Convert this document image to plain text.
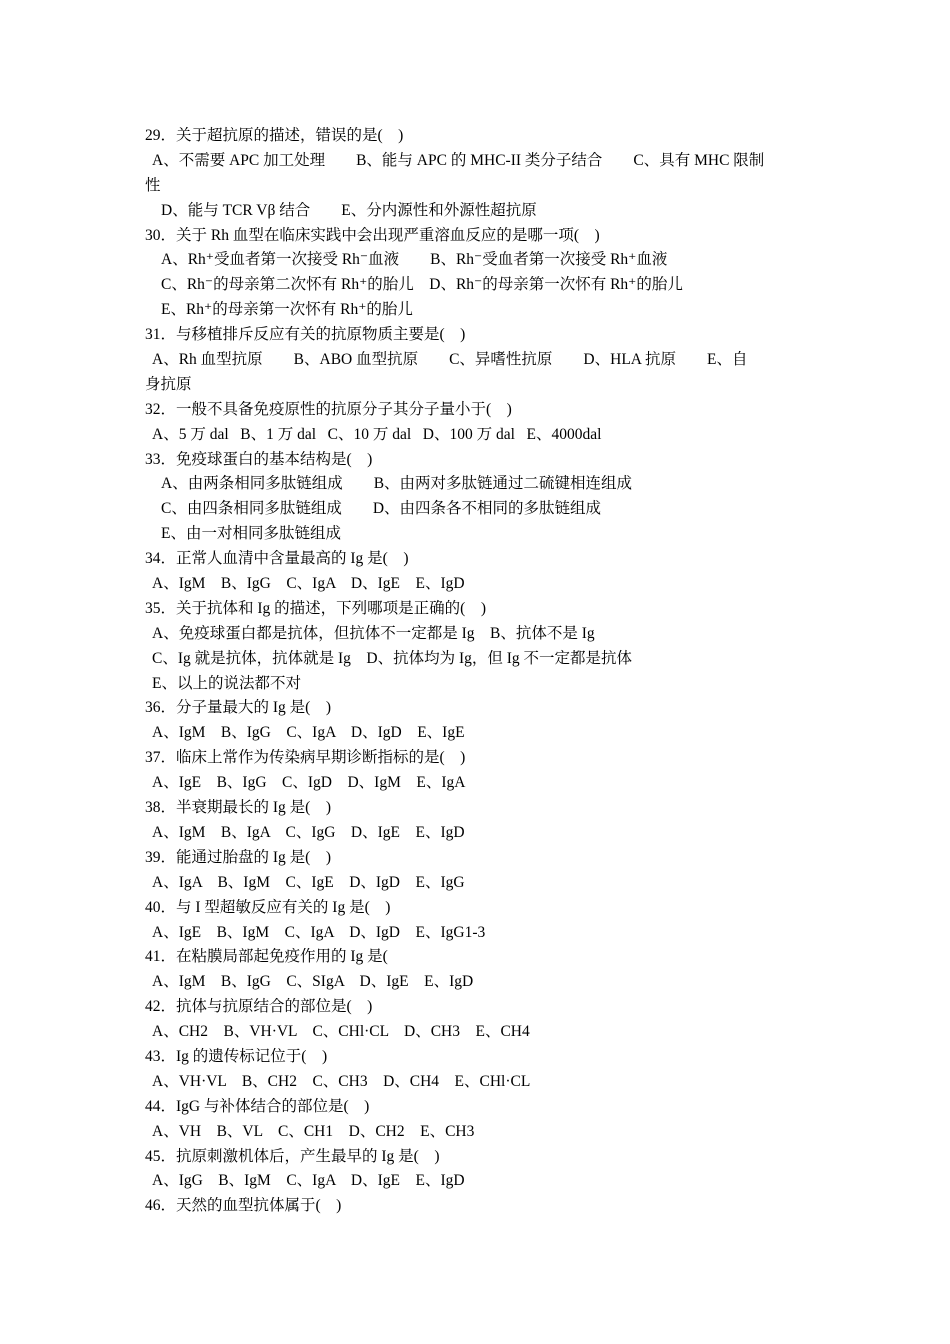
29．关于超抗原的描述，错误的是(    )
A、不需要 APC 加工处理        B、能与 APC 的 MHC-II 类分子结合        C、具有 MHC 限制
性
D、能与 TCR Vβ 结合        E、分内源性和外源性超抗原
30．关于 Rh 血型在临床实践中会出现严重溶血反应的是哪一项(    )
A、Rh⁺受血者第一次接受 Rh⁻血液        B、Rh⁻受血者第一次接受 Rh⁺血液
C、Rh⁻的母亲第二次怀有 Rh⁺的胎儿    D、Rh⁻的母亲第一次怀有 Rh⁺的胎儿
E、Rh⁺的母亲第一次怀有 Rh⁺的胎儿
31．与移植排斥反应有关的抗原物质主要是(    )
A、Rh 血型抗原        B、ABO 血型抗原        C、异嗜性抗原        D、HLA 抗原        E、自
身抗原
32．一般不具备免疫原性的抗原分子其分子量小于(    )
A、5 万 dal   B、1 万 dal   C、10 万 dal   D、100 万 dal   E、4000dal
33．免疫球蛋白的基本结构是(    )
A、由两条相同多肽链组成        B、由两对多肽链通过二硫键相连组成
C、由四条相同多肽链组成        D、由四条各不相同的多肽链组成
E、由一对相同多肽链组成
34．正常人血清中含量最高的 Ig 是(    )
A、IgM    B、IgG    C、IgA    D、IgE    E、IgD
35．关于抗体和 Ig 的描述，下列哪项是正确的(    )
A、免疫球蛋白都是抗体，但抗体不一定都是 Ig    B、抗体不是 Ig
C、Ig 就是抗体，抗体就是 Ig    D、抗体均为 Ig，但 Ig 不一定都是抗体
E、以上的说法都不对
36．分子量最大的 Ig 是(    )
A、IgM    B、IgG    C、IgA    D、IgD    E、IgE
37．临床上常作为传染病早期诊断指标的是(    )
A、IgE    B、IgG    C、IgD    D、IgM    E、IgA
38．半衰期最长的 Ig 是(    )
A、IgM    B、IgA    C、IgG    D、IgE    E、IgD
39．能通过胎盘的 Ig 是(    )
A、IgA    B、IgM    C、IgE    D、IgD    E、IgG
40．与 I 型超敏反应有关的 Ig 是(    )
A、IgE    B、IgM    C、IgA    D、IgD    E、IgG1-3
41．在粘膜局部起免疫作用的 Ig 是(
A、IgM    B、IgG    C、SIgA    D、IgE    E、IgD
42．抗体与抗原结合的部位是(    )
A、CH2    B、VH·VL    C、CHl·CL    D、CH3    E、CH4
43．Ig 的遗传标记位于(    )
A、VH·VL    B、CH2    C、CH3    D、CH4    E、CHl·CL
44．IgG 与补体结合的部位是(    )
A、VH    B、VL    C、CH1    D、CH2    E、CH3
45．抗原刺激机体后，产生最早的 Ig 是(    )
A、IgG    B、IgM    C、IgA    D、IgE    E、IgD
46．天然的血型抗体属于(    )
